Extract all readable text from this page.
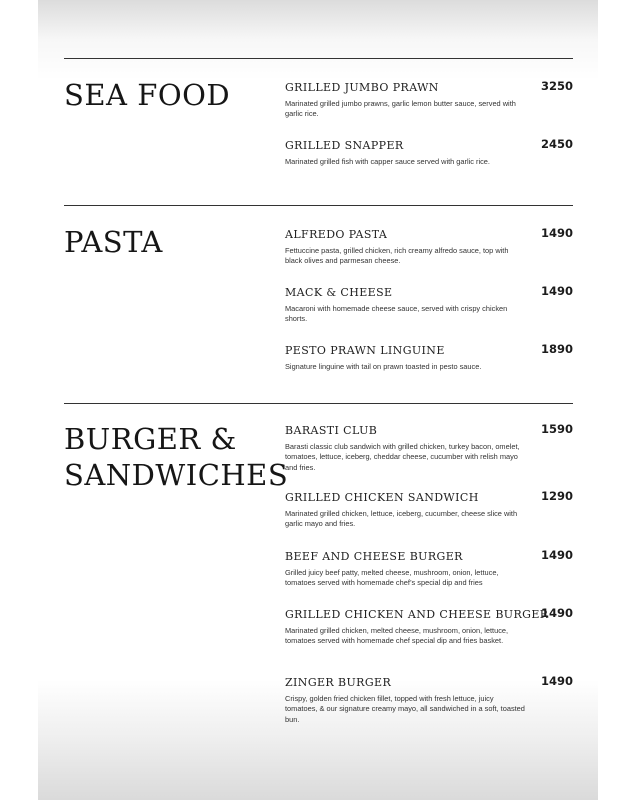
SEA FOOD	GRILLED JUMBO PRAWN
Marinated grilled jumbo prawns, garlic lemon butter sauce, served with garlic rice.
3250
GRILLED SNAPPER
Marinated grilled fish with capper sauce served with garlic rice.
2450
PASTA	ALFREDO PASTA
Fettuccine pasta, grilled chicken, rich creamy alfredo sauce, top with black olives and parmesan cheese.
1490
MACK & CHEESE
Macaroni with homemade cheese sauce, served with crispy chicken shorts.
1490
PESTO PRAWN LINGUINE
Signature linguine with tail on prawn toasted in pesto sauce.
1890
BURGER &
SANDWICHES
BARASTI CLUB
Barasti classic club sandwich with grilled chicken, turkey bacon, omelet, tomatoes, lettuce, iceberg, cheddar cheese, cucumber with relish mayo and fries.
1590
GRILLED CHICKEN SANDWICH
Marinated grilled chicken, lettuce, iceberg, cucumber, cheese slice with garlic mayo and fries.
1290
BEEF AND CHEESE BURGER
Grilled juicy beef patty, melted cheese, mushroom, onion, lettuce, tomatoes served with homemade chef’s special dip and fries
1490
GRILLED CHICKEN AND CHEESE BURGER
Marinated grilled chicken, melted cheese, mushroom, onion, lettuce, tomatoes served with homemade chef special dip and fries basket.
1490
ZINGER BURGER
Crispy, golden fried chicken fillet, topped with fresh lettuce, juicy tomatoes, & our signature creamy mayo, all sandwiched in a soft, toasted bun.
1490
